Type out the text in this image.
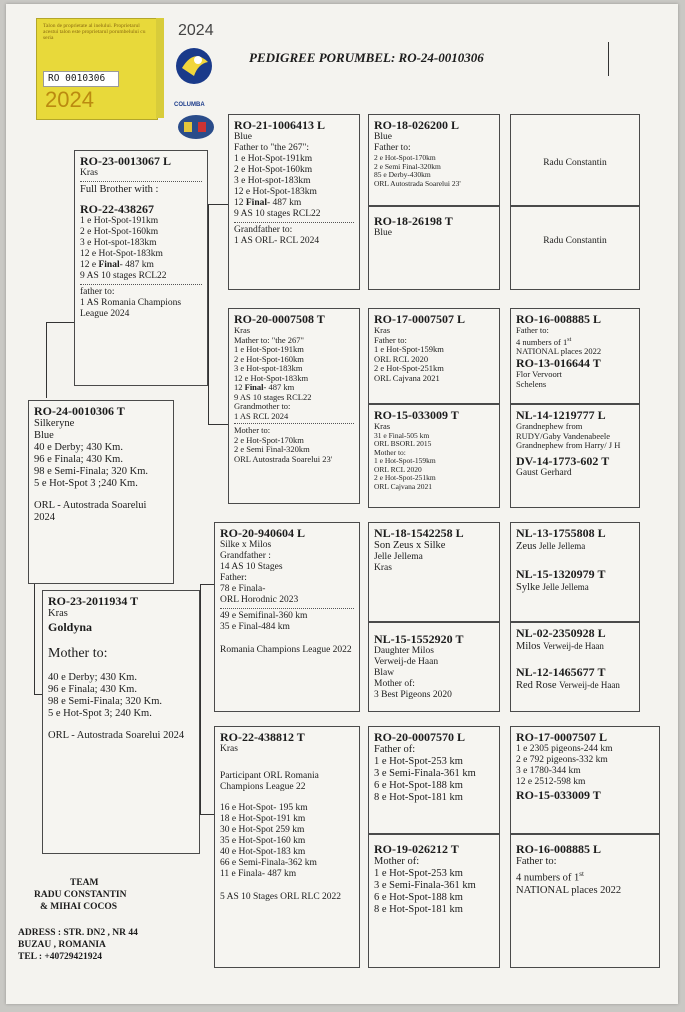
Talon de proprietate al inelului. Proprietarul acestui talon este proprietarul porumbelului cu seria
RO 0010306
2024
2024
COLUMBA
PEDIGREE PORUMBEL: RO-24-0010306
RO-24-0010306 T
Silkeryne
Blue
40 e Derby; 430 Km.
96 e Finala; 430 Km.
98 e Semi-Finala; 320 Km.
5 e Hot-Spot 3 ;240 Km.
ORL - Autostrada Soarelui 2024
RO-23-0013067 L
Kras
Full Brother with :
RO-22-438267
1 e Hot-Spot-191km
2 e Hot-Spot-160km
3 e Hot-spot-183km
12 e Hot-Spot-183km
12 e Final- 487 km
9 AS 10 stages RCL22
father to:
1 AS Romania Champions League 2024
RO-23-2011934 T
Kras
Goldyna
Mother to:
40 e Derby; 430 Km.
96 e Finala; 430 Km.
98 e Semi-Finala; 320 Km.
5 e Hot-Spot 3; 240 Km.
ORL - Autostrada Soarelui 2024
RO-21-1006413 L
Blue
Father to "the 267":
1 e Hot-Spot-191km
2 e Hot-Spot-160km
3 e Hot-spot-183km
12 e Hot-Spot-183km
12 Final- 487 km
9 AS 10 stages RCL22
Grandfather to:
1 AS ORL- RCL 2024
RO-20-0007508 T
Kras
Mather to: "the 267"
1 e Hot-Spot-191km
2 e Hot-Spot-160km
3 e Hot-spot-183km
12 e Hot-Spot-183km
12 Final- 487 km
9 AS 10 stages RCL22
Grandmother to:
1 AS RCL 2024
Mother to:
2 e Hot-Spot-170km
2 e Semi Final-320km
ORL Autostrada Soarelui 23'
RO-20-940604 L
Silke x Milos
Grandfather :
14 AS 10 Stages
Father:
78 e Finala-
ORL Horodnic 2023
49 e Semifinal-360 km
35 e Final-484 km
Romania Champions League 2022
RO-22-438812 T
Kras
Participant ORL Romania Champions League 22
16 e Hot-Spot- 195 km
18 e Hot-Spot-191 km
30 e Hot-Spot 259 km
35 e Hot-Spot-160 km
40 e Hot-Spot-183 km
66 e Semi-Finala-362 km
11 e Finala- 487 km
5 AS 10 Stages ORL RLC 2022
RO-18-026200 L
Blue
Father to:
2 e Hot-Spot-170km
2 e Semi Final-320km
85 e Derby-430km
ORL Autostrada Soarelui 23'
RO-18-26198 T
Blue
Radu Constantin
Radu Constantin
RO-17-0007507 L
Kras
Father to:
1 e Hot-Spot-159km
ORL RCL 2020
2 e Hot-Spot-251km
ORL Cajvana 2021
RO-15-033009 T
Kras
31 e Final-505 km
ORL BSORL 2015
Mother to:
1 e Hot-Spot-159km
ORL RCL 2020
2 e Hot-Spot-251km
ORL Cajvana 2021
RO-16-008885 L
Father to:
4 numbers of 1st
NATIONAL places 2022
RO-13-016644 T
Flor Vervoort
Schelens
NL-14-1219777 L
Grandnephew from
RUDY/Gaby Vandenabeele
Grandnephew from Harry/ J H
DV-14-1773-602 T
Gaust Gerhard
NL-18-1542258 L
Son Zeus x Silke
Jelle Jellema
Kras
NL-15-1552920 T
Daughter Milos
Verweij-de Haan
Blaw
Mother of:
3 Best Pigeons 2020
NL-13-1755808 L
Zeus Jelle Jellema
NL-15-1320979 T
Sylke Jelle Jellema
NL-02-2350928 L
Milos Verweij-de Haan
NL-12-1465677 T
Red Rose Verweij-de Haan
RO-20-0007570 L
Father of:
1 e Hot-Spot-253 km
3 e Semi-Finala-361 km
6 e Hot-Spot-188 km
8 e Hot-Spot-181 km
RO-19-026212 T
Mother of:
1 e Hot-Spot-253 km
3 e Semi-Finala-361 km
6 e Hot-Spot-188 km
8 e Hot-Spot-181 km
RO-17-0007507 L
1 e 2305 pigeons-244 km
2 e 792 pigeons-332 km
3 e 1780-344 km
12 e 2512-598 km
RO-15-033009 T
RO-16-008885 L
Father to:
4 numbers of 1st
NATIONAL places 2022
TEAM
RADU CONSTANTIN
& MIHAI COCOS
ADRESS : STR. DN2 , NR 44
BUZAU , ROMANIA
TEL : +40729421924
